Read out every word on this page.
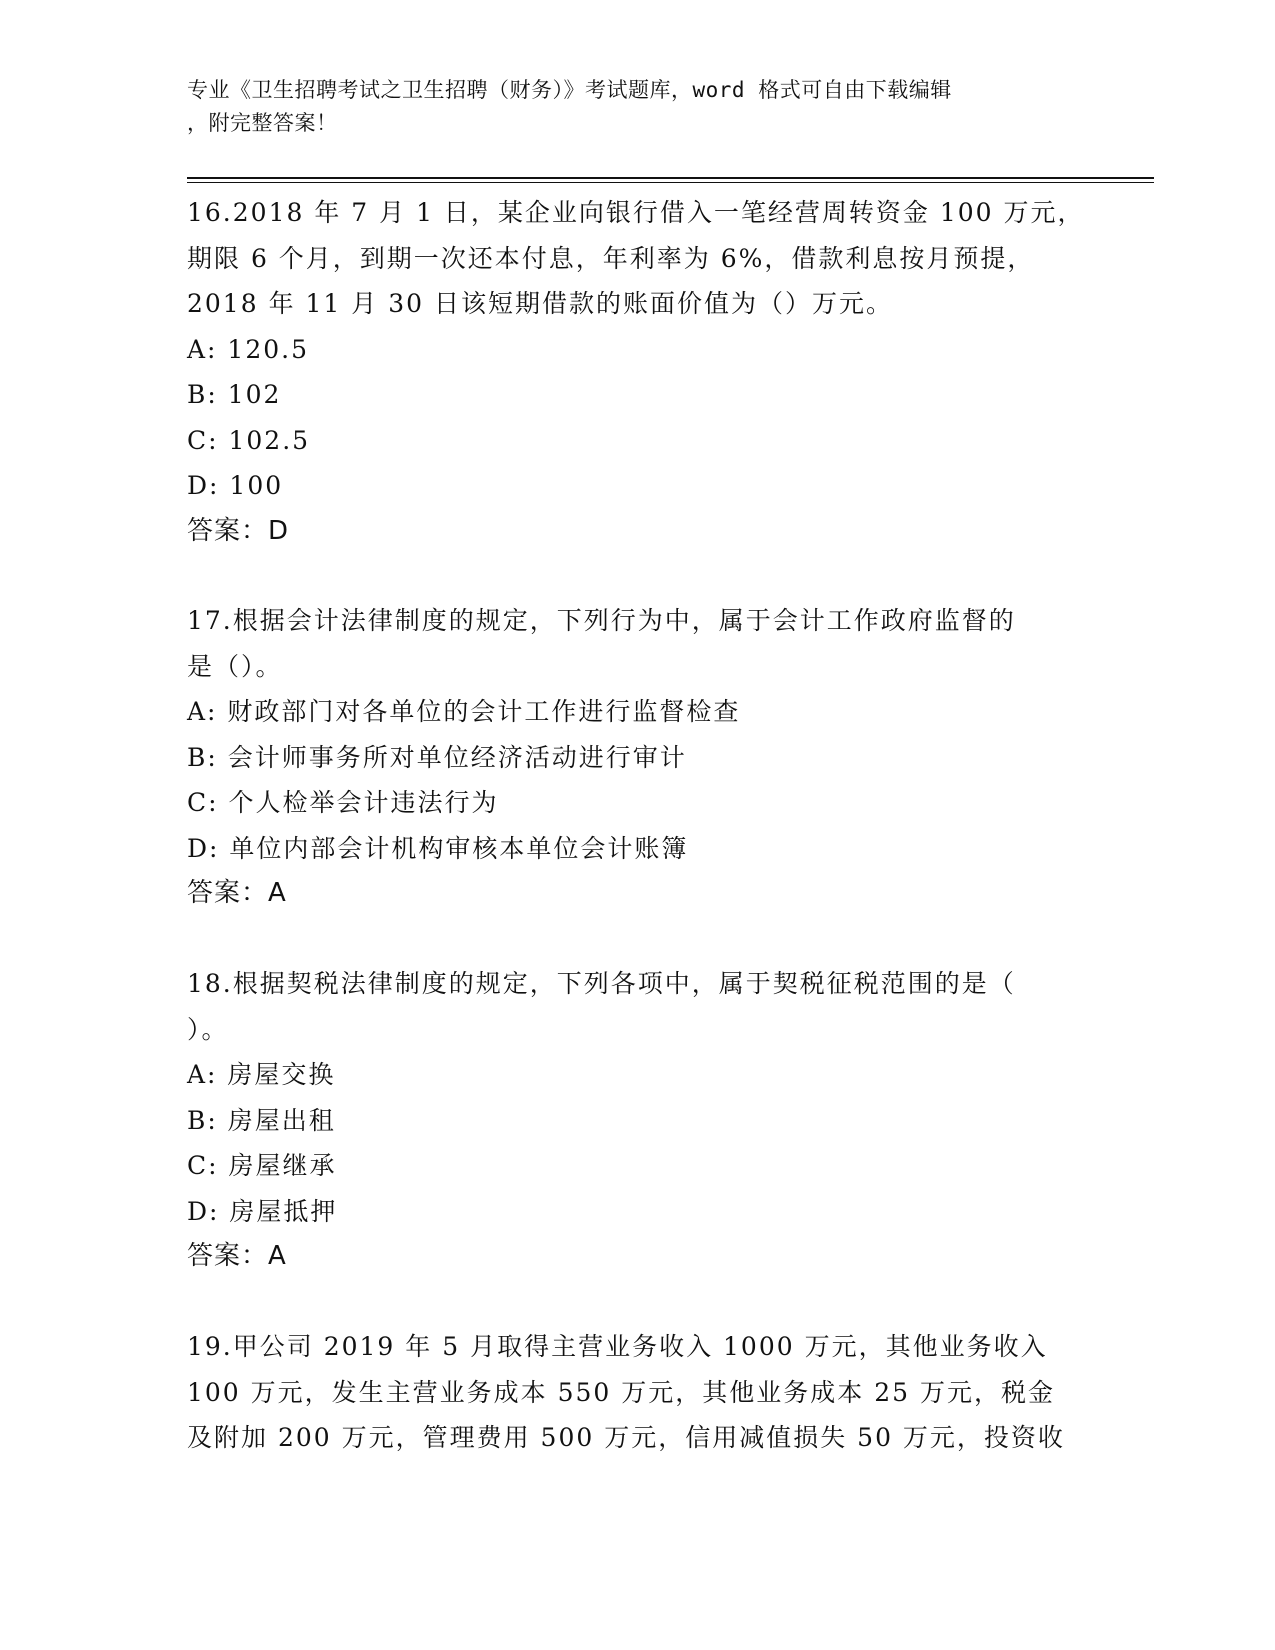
专业《卫生招聘考试之卫生招聘（财务）》考试题库，word 格式可自由下载编辑
，附完整答案！
16.2018 年 7 月 1 日，某企业向银行借入一笔经营周转资金 100 万元，
期限 6 个月，到期一次还本付息，年利率为 6%，借款利息按月预提，
2018 年 11 月 30 日该短期借款的账面价值为（）万元。
A: 120.5
B: 102
C: 102.5
D: 100
答案：D
17.根据会计法律制度的规定，下列行为中，属于会计工作政府监督的
是（）。
A: 财政部门对各单位的会计工作进行监督检查
B: 会计师事务所对单位经济活动进行审计
C: 个人检举会计违法行为
D: 单位内部会计机构审核本单位会计账簿
答案：A
18.根据契税法律制度的规定，下列各项中，属于契税征税范围的是（
）。
A: 房屋交换
B: 房屋出租
C: 房屋继承
D: 房屋抵押
答案：A
19.甲公司 2019 年 5 月取得主营业务收入 1000 万元，其他业务收入
100 万元，发生主营业务成本 550 万元，其他业务成本 25 万元，税金
及附加 200 万元，管理费用 500 万元，信用减值损失 50 万元，投资收
